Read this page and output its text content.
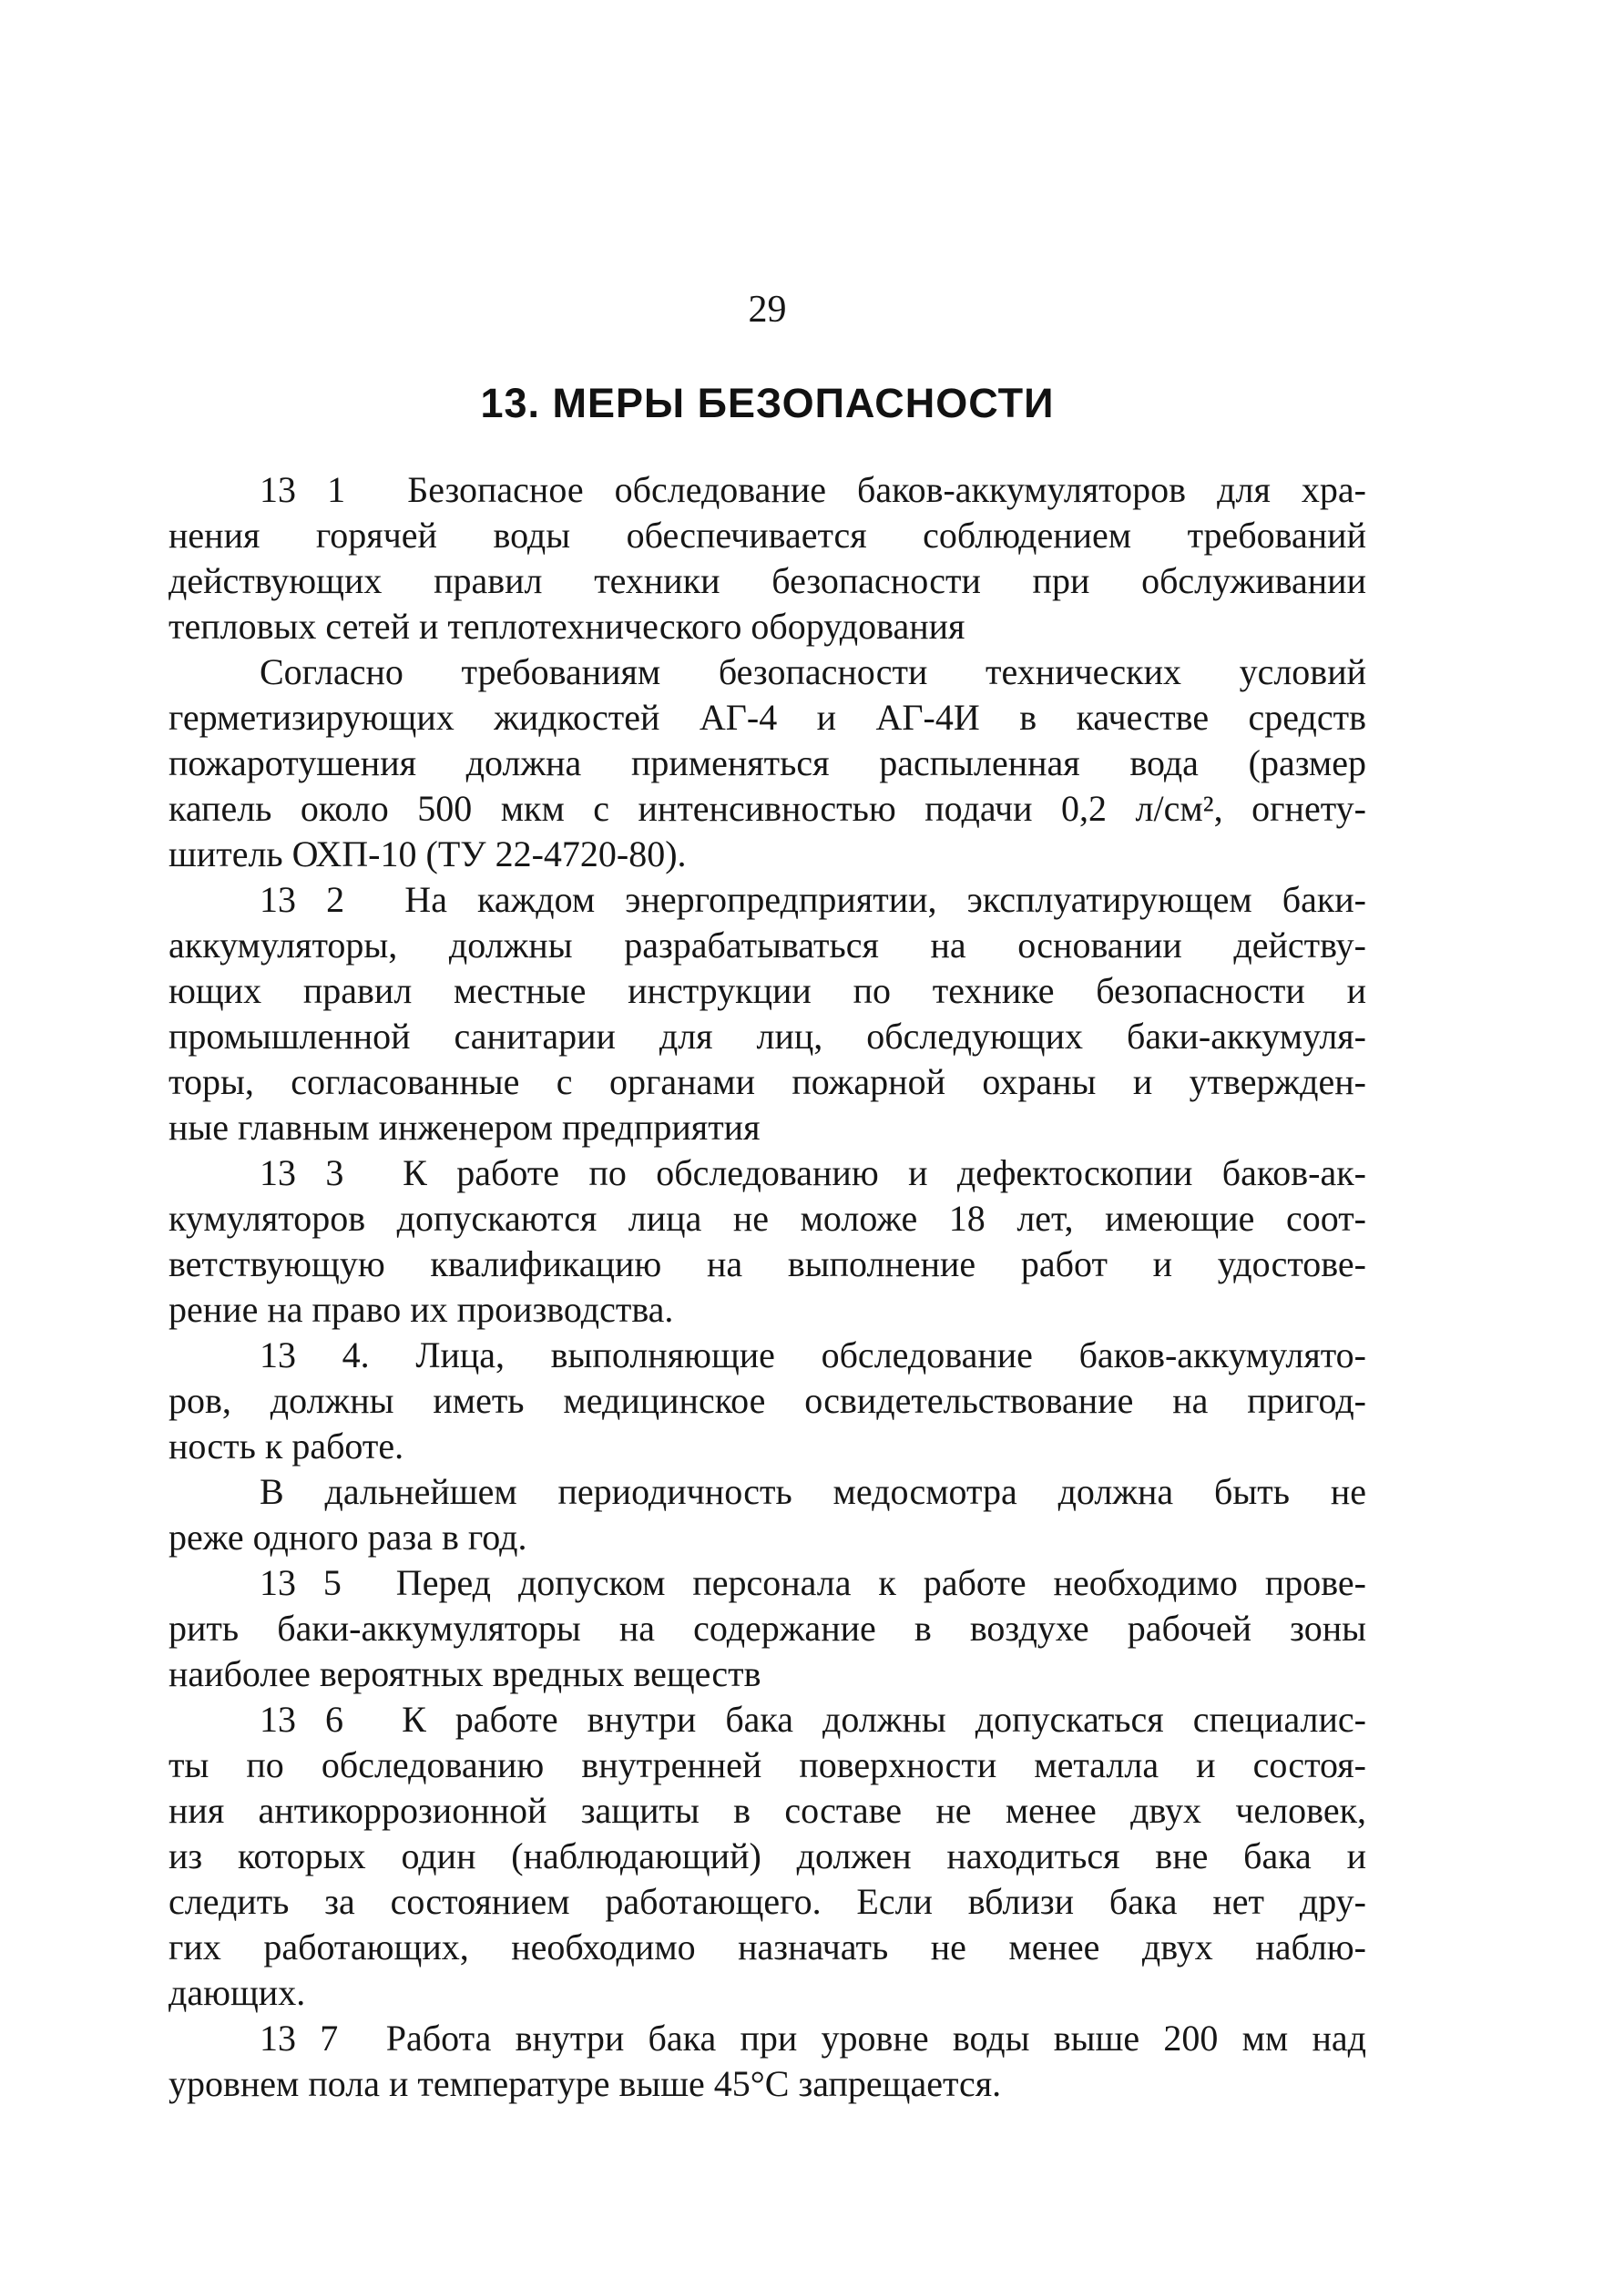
29
13. МЕРЫ БЕЗОПАСНОСТИ
13 1  Безопасное обследование баков-аккумуляторов для хра-
нения горячей воды обеспечивается соблюдением требований
действующих правил техники безопасности при обслуживании
тепловых сетей и теплотехнического оборудования
Согласно требованиям безопасности технических условий
герметизирующих жидкостей АГ-4 и АГ-4И в качестве средств
пожаротушения должна применяться распыленная вода (размер
капель около 500 мкм с интенсивностью подачи 0,2 л/см², огнету-
шитель ОХП-10 (ТУ 22-4720-80).
13 2  На каждом энергопредприятии, эксплуатирующем баки-
аккумуляторы, должны разрабатываться на основании действу-
ющих правил местные инструкции по технике безопасности и
промышленной санитарии для лиц, обследующих баки-аккумуля-
торы, согласованные с органами пожарной охраны и утвержден-
ные главным инженером предприятия
13 3  К работе по обследованию и дефектоскопии баков-ак-
кумуляторов допускаются лица не моложе 18 лет, имеющие соот-
ветствующую квалификацию на выполнение работ и удостове-
рение на право их производства.
13 4. Лица, выполняющие обследование баков-аккумулято-
ров, должны иметь медицинское освидетельствование на пригод-
ность к работе.
В дальнейшем периодичность медосмотра должна быть не
реже одного раза в год.
13 5  Перед допуском персонала к работе необходимо прове-
рить баки-аккумуляторы на содержание в воздухе рабочей зоны
наиболее вероятных вредных веществ
13 6  К работе внутри бака должны допускаться специалис-
ты по обследованию внутренней поверхности металла и состоя-
ния антикоррозионной защиты в составе не менее двух человек,
из которых один (наблюдающий) должен находиться вне бака и
следить за состоянием работающего. Если вблизи бака нет дру-
гих работающих, необходимо назначать не менее двух наблю-
дающих.
13 7  Работа внутри бака при уровне воды выше 200 мм над
уровнем пола и температуре выше 45°С запрещается.
